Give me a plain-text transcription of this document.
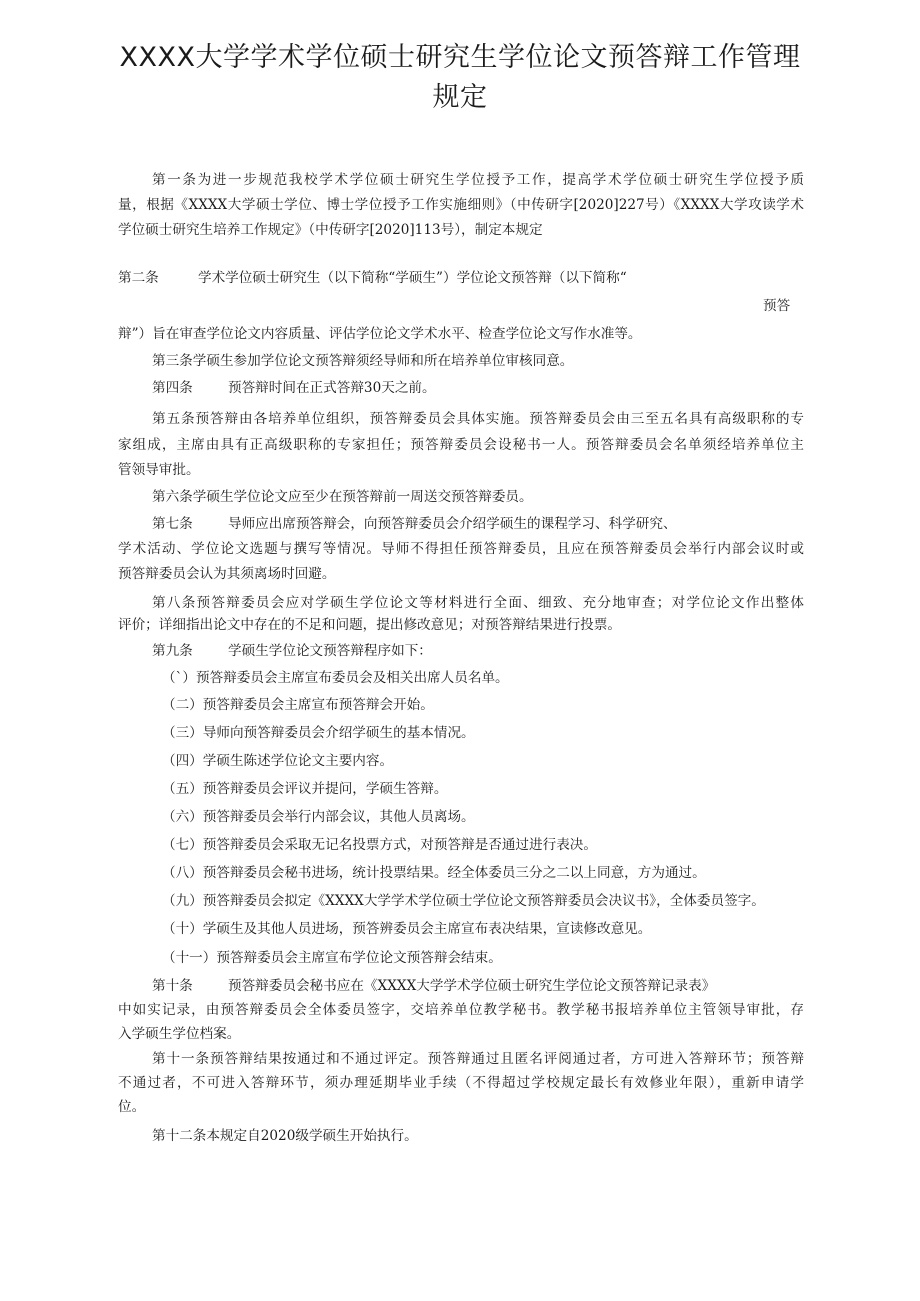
XXXX大学学术学位硕士研究生学位论文预答辩工作管理
规定

第一条为进一步规范我校学术学位硕士研究生学位授予工作，提高学术学位硕士研究生学位授予质

量，根据《XXXX大学硕士学位、博士学位授予工作实施细则》（中传研字[2020]227号）《XXXX大学攻读学术

学位硕士研究生培养工作规定》（中传研字[2020]113号），制定本规定

第二条	学术学位硕士研究生（以下简称“学硕生”）学位论文预答辩（以下简称“

预答

辩”）旨在审查学位论文内容质量、评估学位论文学术水平、检查学位论文写作水准等。

第三条学硕生参加学位论文预答辩须经导师和所在培养单位审核同意。

第四条	预答辩时间在正式答辩30天之前。

第五条预答辩由各培养单位组织，预答辩委员会具体实施。预答辩委员会由三至五名具有高级职称的专

家组成，主席由具有正高级职称的专家担任；预答辩委员会设秘书一人。预答辩委员会名单须经培养单位主

管领导审批。

第六条学硕生学位论文应至少在预答辩前一周送交预答辩委员。

第七条	导师应出席预答辩会，向预答辩委员会介绍学硕生的课程学习、科学研究、

学术活动、学位论文选题与撰写等情况。导师不得担任预答辩委员，且应在预答辩委员会举行内部会议时或

预答辩委员会认为其须离场时回避。

第八条预答辩委员会应对学硕生学位论文等材料进行全面、细致、充分地审查；对学位论文作出整体

评价；详细指出论文中存在的不足和问题，提出修改意见；对预答辩结果进行投票。

第九条	学硕生学位论文预答辩程序如下：

（`）预答辩委员会主席宣布委员会及相关出席人员名单。

（二）预答辩委员会主席宣布预答辩会开始。

（三）导师向预答辩委员会介绍学硕生的基本情况。

（四）学硕生陈述学位论文主要内容。

（五）预答辩委员会评议并提问，学硕生答辩。

（六）预答辩委员会举行内部会议，其他人员离场。

（七）预答辩委员会采取无记名投票方式，对预答辩是否通过进行表决。

（八）预答辩委员会秘书进场，统计投票结果。经全体委员三分之二以上同意，方为通过。

（九）预答辩委员会拟定《XXXX大学学术学位硕士学位论文预答辩委员会决议书》，全体委员签字。

（十）学硕生及其他人员进场，预答辨委员会主席宣布表决结果，宣读修改意见。

（十一）预答辩委员会主席宣布学位论文预答辩会结束。

第十条	预答辩委员会秘书应在《XXXX大学学术学位硕士研究生学位论文预答辩记录表》

中如实记录，由预答辩委员会全体委员签字，交培养单位教学秘书。教学秘书报培养单位主管领导审批，存

入学硕生学位档案。

第十一条预答辩结果按通过和不通过评定。预答辩通过且匿名评阅通过者，方可进入答辩环节；预答辩

不通过者，不可进入答辩环节，须办理延期毕业手续（不得超过学校规定最长有效修业年限），重新申请学

位。

第十二条本规定自2020级学硕生开始执行。
